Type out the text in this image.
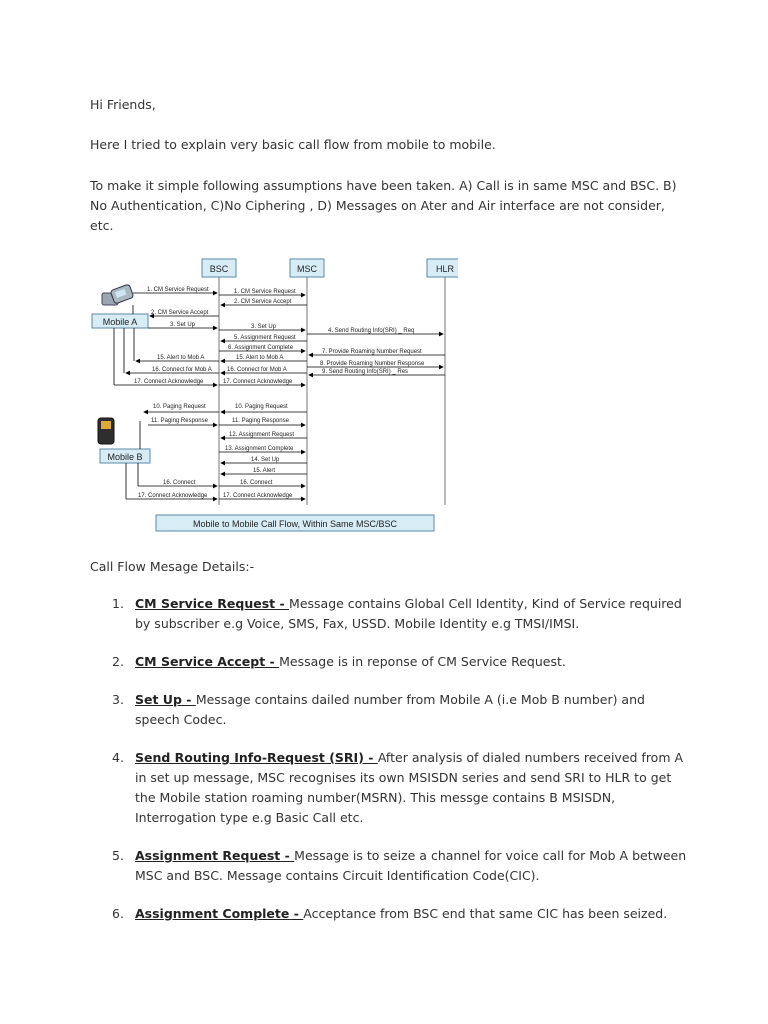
Hi Friends,

Here I tried to explain very basic call flow from mobile to mobile.

To make it simple following assumptions have been taken. A) Call is in same MSC and BSC. B) No Authentication, C)No Ciphering , D) Messages on Ater and Air interface are not consider, etc.

BSC	MSC	HLR
Mobile A
Mobile B
1. CM Service Request	1. CM Service Request
2. CM Service Accept
2. CM Service Accept
3. Set Up	3. Set Up
4. Send Routing Info(SRI) _ Req
5. Assignment Request
6. Assignment Complete
7. Provide Roaming Number Request
15. Alert to Mob A	15. Alert to Mob A
8. Provide Roaming Number Response
16. Connect for Mob A	16. Connect for Mob A	9. Send Routing Info(SRI) _ Res
17. Connect Acknowledge	17. Connect Acknowledge
10. Paging Request	10. Paging Request
11. Paging Response	11. Paging Response
12. Assignment Request
13. Assignment Complete
14. Set Up
15. Alert
16. Connect	16. Connect
17. Connect Acknowledge	17. Connect Acknowledge
Mobile to Mobile Call Flow, Within Same MSC/BSC

Call Flow Mesage Details:-

1. CM Service Request - Message contains Global Cell Identity, Kind of Service required by subscriber e.g Voice, SMS, Fax, USSD. Mobile Identity e.g TMSI/IMSI.
2. CM Service Accept - Message is in reponse of CM Service Request.
3. Set Up - Message contains dailed number from Mobile A (i.e Mob B number) and speech Codec.
4. Send Routing Info-Request (SRI) - After analysis of dialed numbers received from A in set up message, MSC recognises its own MSISDN series and send SRI to HLR to get the Mobile station roaming number(MSRN). This messge contains B MSISDN, Interrogation type e.g Basic Call etc.
5. Assignment Request - Message is to seize a channel for voice call for Mob A between MSC and BSC. Message contains Circuit Identification Code(CIC).
6. Assignment Complete - Acceptance from BSC end that same CIC has been seized.
